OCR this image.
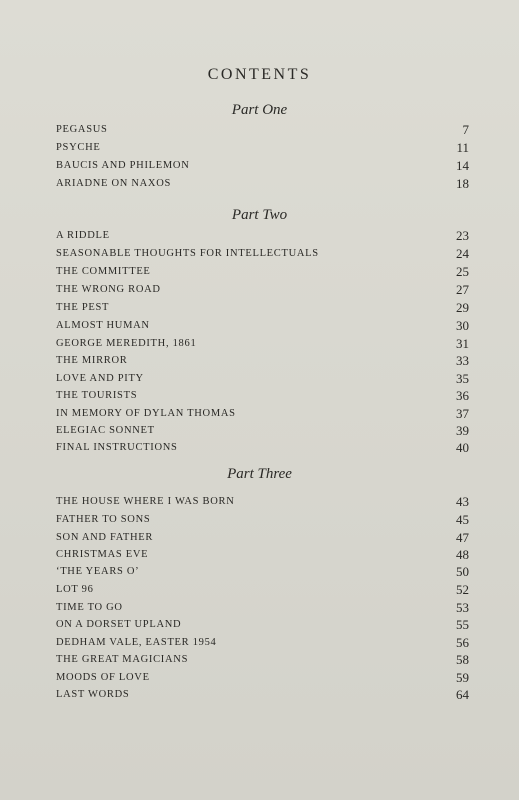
CONTENTS
Part One
PEGASUS	7
PSYCHE	11
BAUCIS AND PHILEMON	14
ARIADNE ON NAXOS	18
Part Two
A RIDDLE	23
SEASONABLE THOUGHTS FOR INTELLECTUALS	24
THE COMMITTEE	25
THE WRONG ROAD	27
THE PEST	29
ALMOST HUMAN	30
GEORGE MEREDITH, 1861	31
THE MIRROR	33
LOVE AND PITY	35
THE TOURISTS	36
IN MEMORY OF DYLAN THOMAS	37
ELEGIAC SONNET	39
FINAL INSTRUCTIONS	40
Part Three
THE HOUSE WHERE I WAS BORN	43
FATHER TO SONS	45
SON AND FATHER	47
CHRISTMAS EVE	48
‘THE YEARS O’	50
LOT 96	52
TIME TO GO	53
ON A DORSET UPLAND	55
DEDHAM VALE, EASTER 1954	56
THE GREAT MAGICIANS	58
MOODS OF LOVE	59
LAST WORDS	64
